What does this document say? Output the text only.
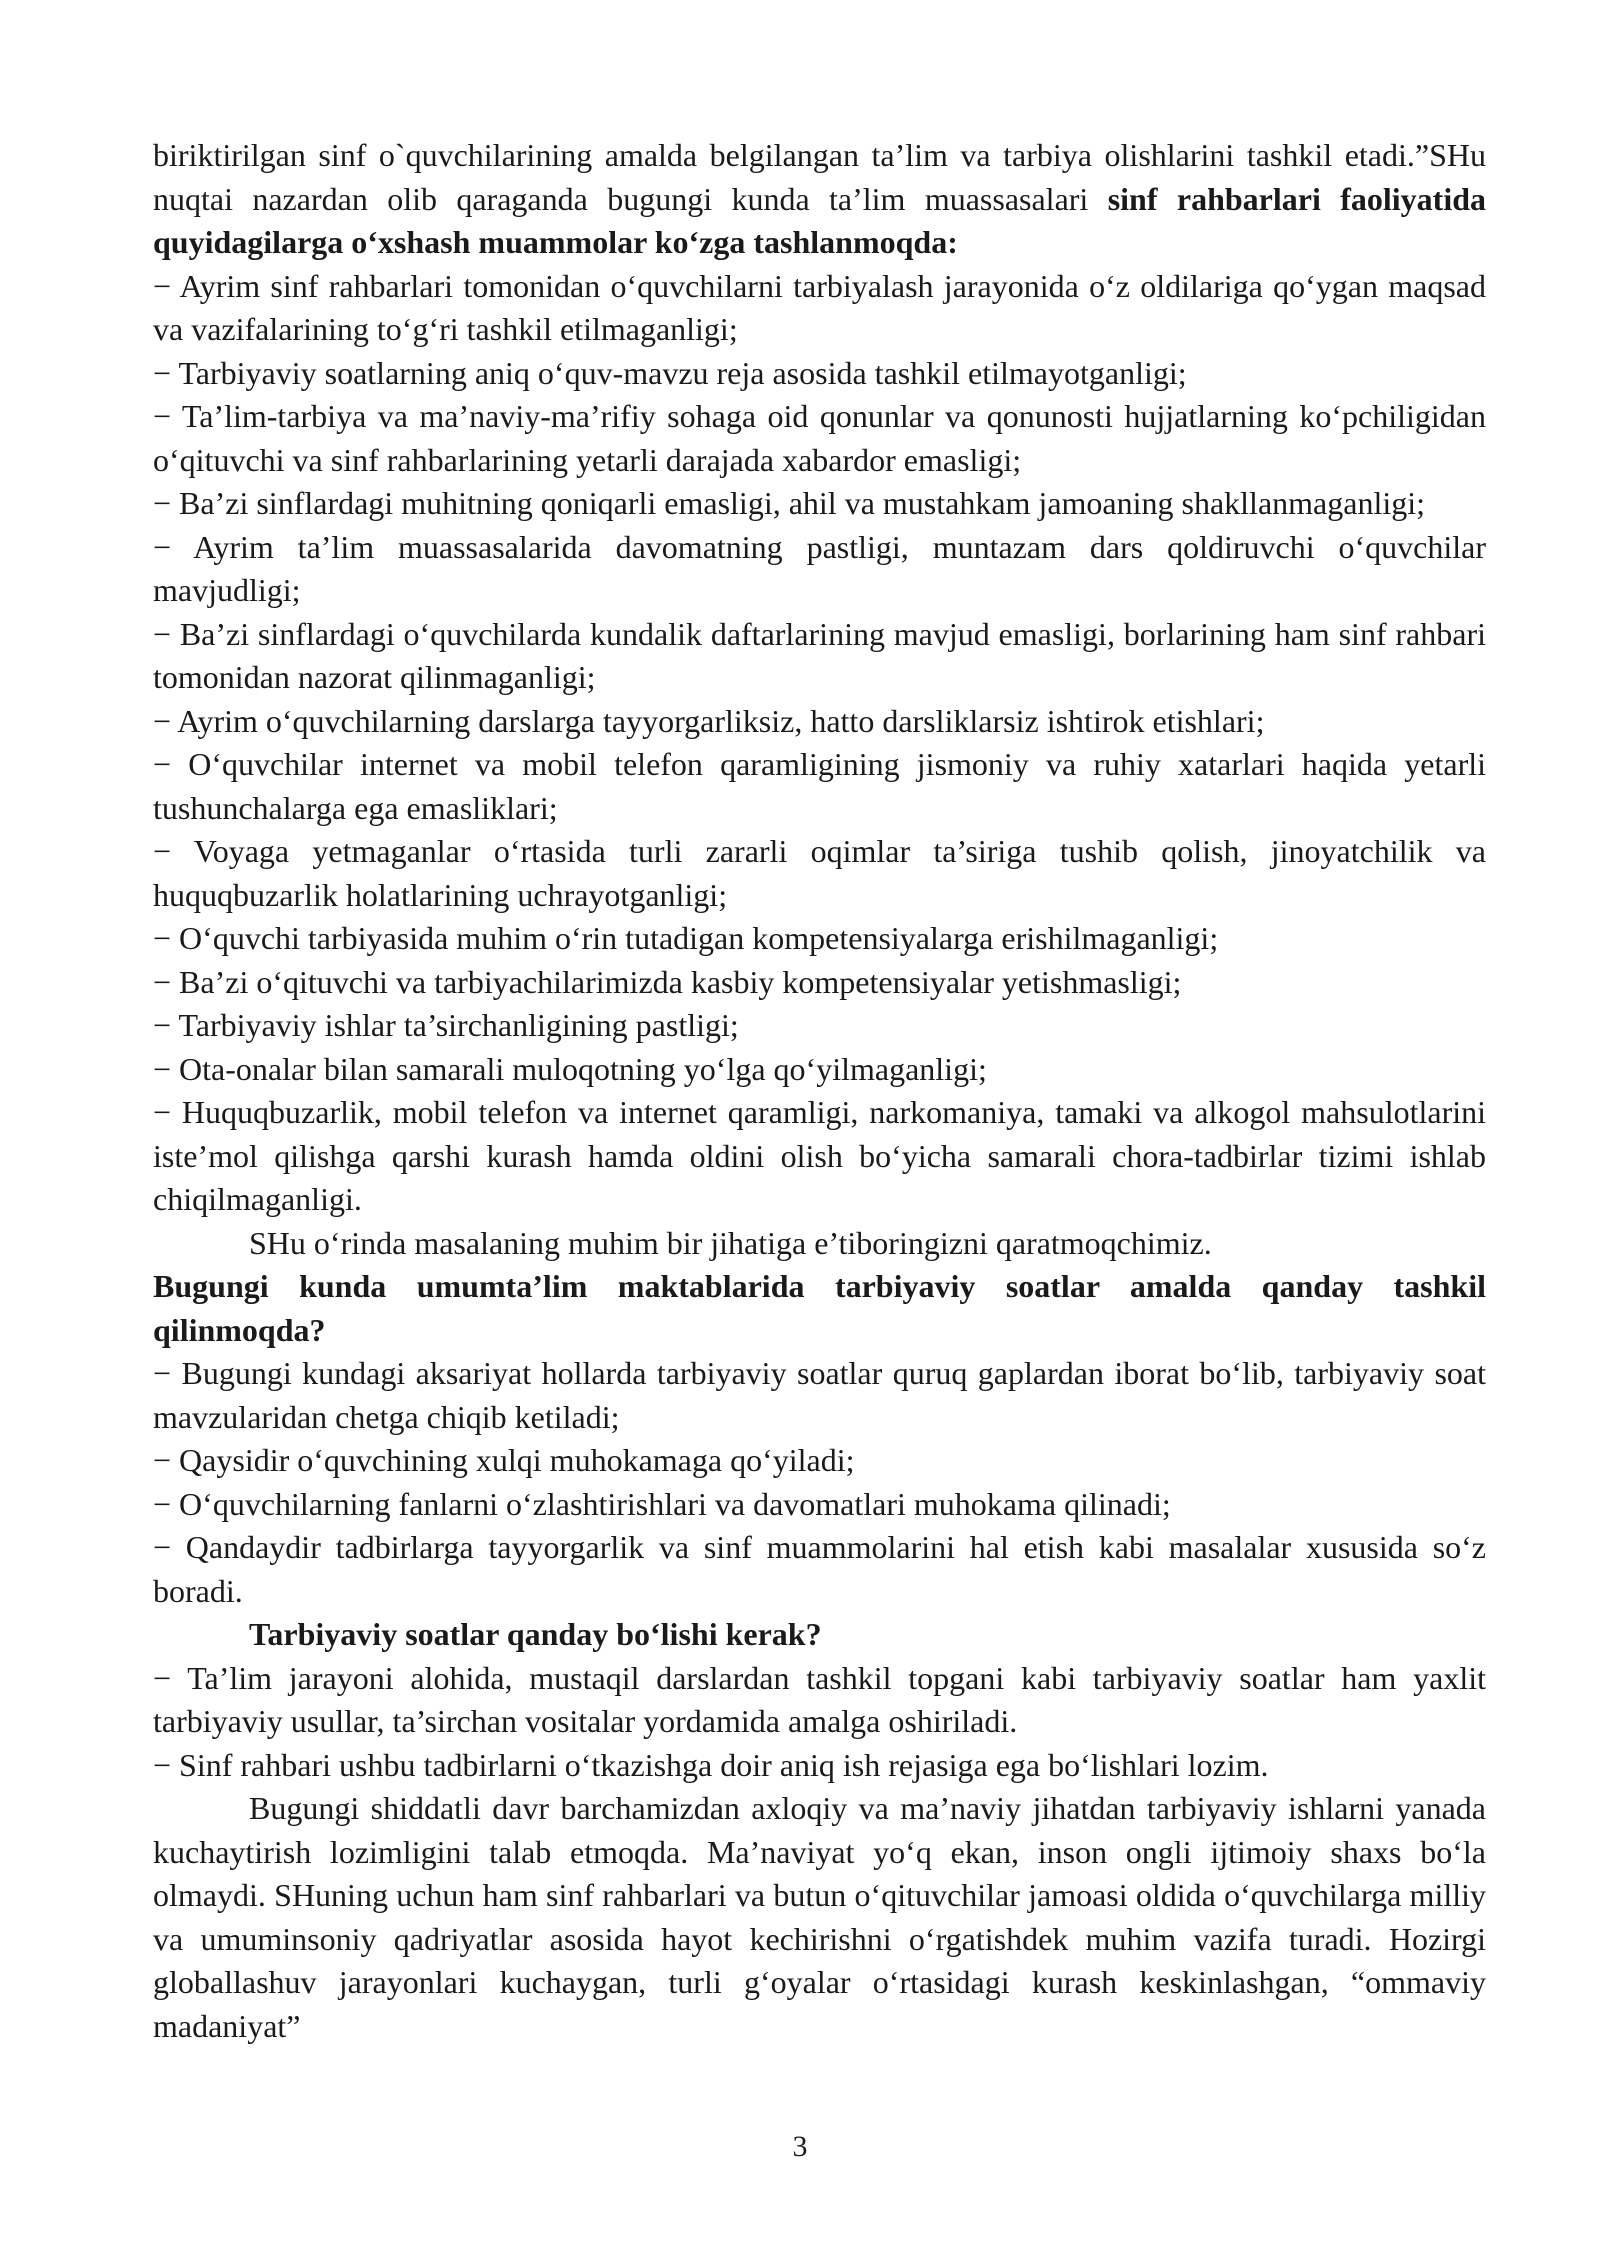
biriktirilgan sinf o`quvchilarining amalda belgilangan ta’lim va tarbiya olishlarini tashkil etadi.”SHu nuqtai nazardan olib qaraganda bugungi kunda ta’lim muassasalari sinf rahbarlari faoliyatida quyidagilarga o‘xshash muammolar ko‘zga tashlanmoqda:

− Ayrim sinf rahbarlari tomonidan o‘quvchilarni tarbiyalash jarayonida o‘z oldilariga qo‘ygan maqsad va vazifalarining to‘g‘ri tashkil etilmaganligi;

− Tarbiyaviy soatlarning aniq o‘quv-mavzu reja asosida tashkil etilmayotganligi;

− Ta’lim-tarbiya va ma’naviy-ma’rifiy sohaga oid qonunlar va qonunosti hujjatlarning ko‘pchiligidan o‘qituvchi va sinf rahbarlarining yetarli darajada xabardor emasligi;

− Ba’zi sinflardagi muhitning qoniqarli emasligi, ahil va mustahkam jamoaning shakllanmaganligi;

− Ayrim ta’lim muassasalarida davomatning pastligi, muntazam dars qoldiruvchi o‘quvchilar mavjudligi;

− Ba’zi sinflardagi o‘quvchilarda kundalik daftarlarining mavjud emasligi, borlarining ham sinf rahbari tomonidan nazorat qilinmaganligi;

− Ayrim o‘quvchilarning darslarga tayyorgarliksiz, hatto darsliklarsiz ishtirok etishlari;

− O‘quvchilar internet va mobil telefon qaramligining jismoniy va ruhiy xatarlari haqida yetarli tushunchalarga ega emasliklari;

− Voyaga yetmaganlar o‘rtasida turli zararli oqimlar ta’siriga tushib qolish, jinoyatchilik va huquqbuzarlik holatlarining uchrayotganligi;

− O‘quvchi tarbiyasida muhim o‘rin tutadigan kompetensiyalarga erishilmaganligi;

− Ba’zi o‘qituvchi va tarbiyachilarimizda kasbiy kompetensiyalar yetishmasligi;

− Tarbiyaviy ishlar ta’sirchanligining pastligi;

− Ota-onalar bilan samarali muloqotning yo‘lga qo‘yilmaganligi;

− Huquqbuzarlik, mobil telefon va internet qaramligi, narkomaniya, tamaki va alkogol mahsulotlarini iste’mol qilishga qarshi kurash hamda oldini olish bo‘yicha samarali chora-tadbirlar tizimi ishlab chiqilmaganligi.

SHu o‘rinda masalaning muhim bir jihatiga e’tiboringizni qaratmoqchimiz.

Bugungi kunda umumta’lim maktablarida tarbiyaviy soatlar amalda qanday tashkil qilinmoqda?

− Bugungi kundagi aksariyat hollarda tarbiyaviy soatlar quruq gaplardan iborat bo‘lib, tarbiyaviy soat mavzularidan chetga chiqib ketiladi;

− Qaysidir o‘quvchining xulqi muhokamaga qo‘yiladi;

− O‘quvchilarning fanlarni o‘zlashtirishlari va davomatlari muhokama qilinadi;

− Qandaydir tadbirlarga tayyorgarlik va sinf muammolarini hal etish kabi masalalar xususida so‘z boradi.

Tarbiyaviy soatlar qanday bo‘lishi kerak?

− Ta’lim jarayoni alohida, mustaqil darslardan tashkil topgani kabi tarbiyaviy soatlar ham yaxlit tarbiyaviy usullar, ta’sirchan vositalar yordamida amalga oshiriladi.

− Sinf rahbari ushbu tadbirlarni o‘tkazishga doir aniq ish rejasiga ega bo‘lishlari lozim.

Bugungi shiddatli davr barchamizdan axloqiy va ma’naviy jihatdan tarbiyaviy ishlarni yanada kuchaytirish lozimligini talab etmoqda. Ma’naviyat yo‘q ekan, inson ongli ijtimoiy shaxs bo‘la olmaydi. SHuning uchun ham sinf rahbarlari va butun o‘qituvchilar jamoasi oldida o‘quvchilarga milliy va umuminsoniy qadriyatlar asosida hayot kechirishni o‘rgatishdek muhim vazifa turadi. Hozirgi globallashuv jarayonlari kuchaygan, turli g‘oyalar o‘rtasidagi kurash keskinlashgan, “ommaviy madaniyat”

3
